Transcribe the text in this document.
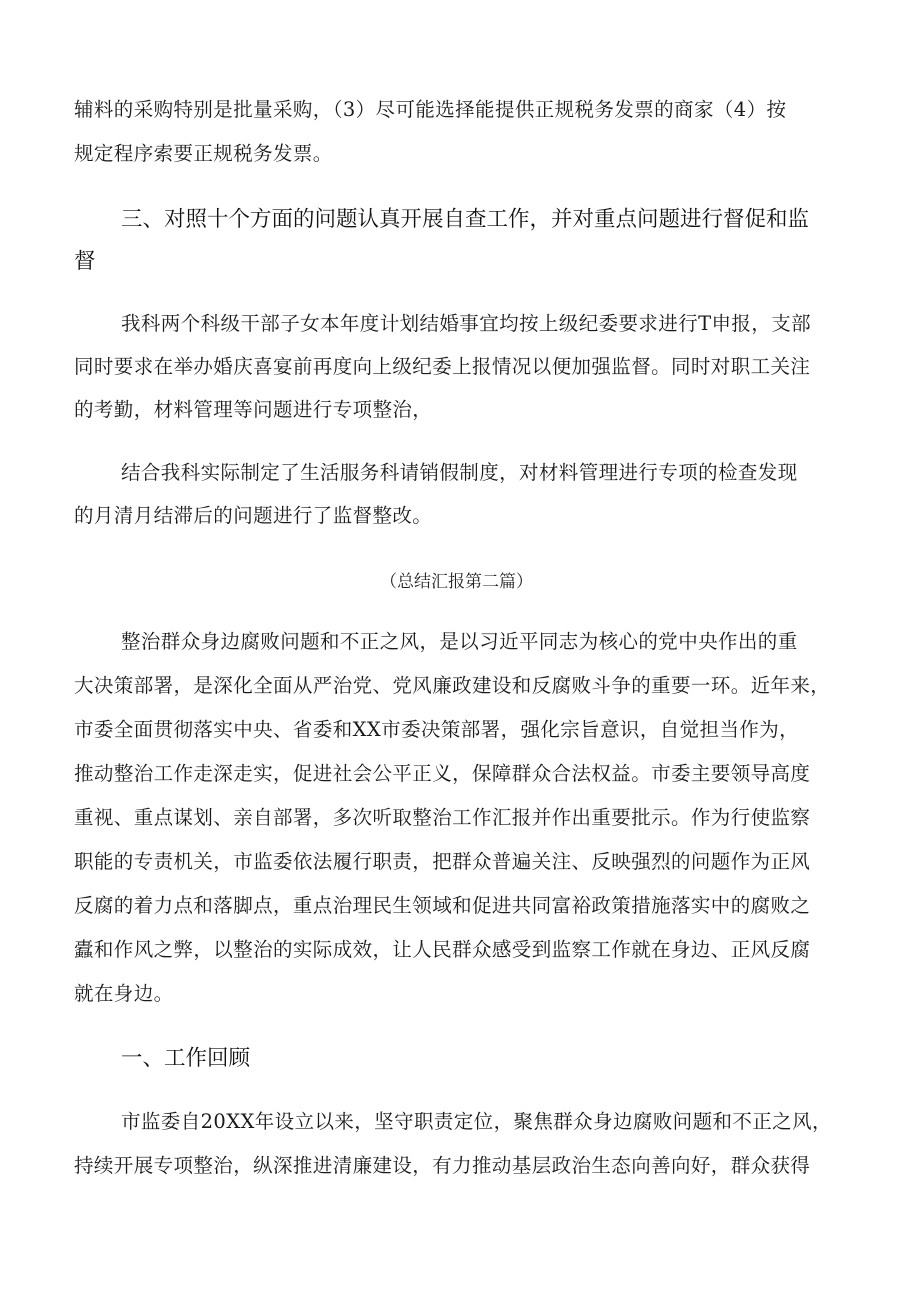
辅料的采购特别是批量采购，（3）尽可能选择能提供正规税务发票的商家（4）按
规定程序索要正规税务发票。
三、对照十个方面的问题认真开展自查工作，并对重点问题进行督促和监
督
我科两个科级干部子女本年度计划结婚事宜均按上级纪委要求进行T申报，支部
同时要求在举办婚庆喜宴前再度向上级纪委上报情况以便加强监督。同时对职工关注
的考勤，材料管理等问题进行专项整治，
结合我科实际制定了生活服务科请销假制度，对材料管理进行专项的检查发现
的月清月结滞后的问题进行了监督整改。
（总结汇报第二篇）
整治群众身边腐败问题和不正之风，是以习近平同志为核心的党中央作出的重
大决策部署，是深化全面从严治党、党风廉政建设和反腐败斗争的重要一环。近年来，
市委全面贯彻落实中央、省委和XX市委决策部署，强化宗旨意识，自觉担当作为，
推动整治工作走深走实，促进社会公平正义，保障群众合法权益。市委主要领导高度
重视、重点谋划、亲自部署，多次听取整治工作汇报并作出重要批示。作为行使监察
职能的专责机关，市监委依法履行职责，把群众普遍关注、反映强烈的问题作为正风
反腐的着力点和落脚点，重点治理民生领域和促进共同富裕政策措施落实中的腐败之
蠹和作风之弊，以整治的实际成效，让人民群众感受到监察工作就在身边、正风反腐
就在身边。
一、工作回顾
市监委自20XX年设立以来，坚守职责定位，聚焦群众身边腐败问题和不正之风，
持续开展专项整治，纵深推进清廉建设，有力推动基层政治生态向善向好，群众获得
